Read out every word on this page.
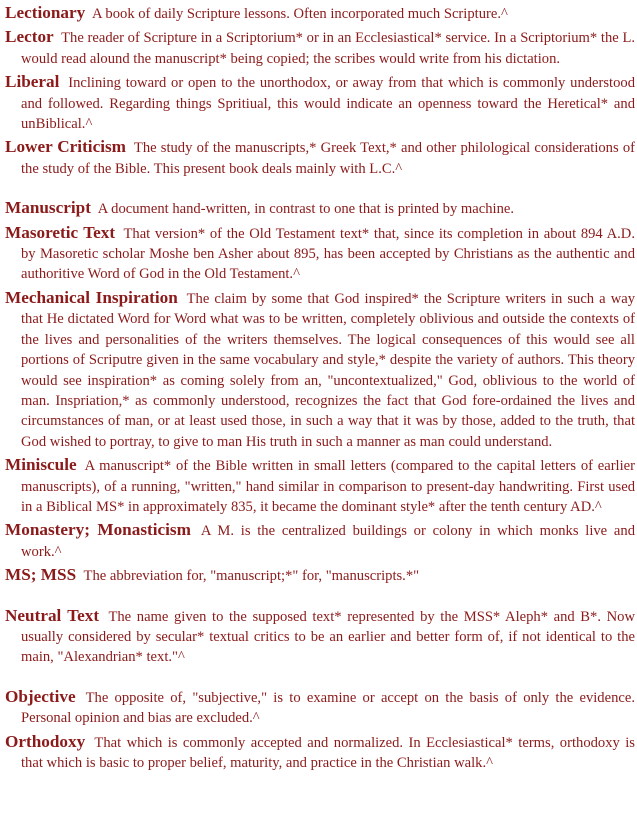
Lectionary A book of daily Scripture lessons. Often incorporated much Scripture.^

Lector The reader of Scripture in a Scriptorium* or in an Ecclesiastical* service. In a Scriptorium* the L. would read alound the manuscript* being copied; the scribes would write from his dictation.

Liberal Inclining toward or open to the unorthodox, or away from that which is commonly understood and followed. Regarding things Spritiual, this would indicate an openness toward the Heretical* and unBiblical.^

Lower Criticism The study of the manuscripts,* Greek Text,* and other philological considerations of the study of the Bible. This present book deals mainly with L.C.^

Manuscript A document hand-written, in contrast to one that is printed by machine.

Masoretic Text That version* of the Old Testament text* that, since its completion in about 894 A.D. by Masoretic scholar Moshe ben Asher about 895, has been accepted by Christians as the authentic and authoritive Word of God in the Old Testament.^

Mechanical Inspiration The claim by some that God inspired* the Scripture writers in such a way that He dictated Word for Word what was to be written, completely oblivious and outside the contexts of the lives and personalities of the writers themselves. The logical consequences of this would see all portions of Scriputre given in the same vocabulary and style,* despite the variety of authors. This theory would see inspiration* as coming solely from an, "uncontextualized," God, oblivious to the world of man. Inspriation,* as commonly understood, recognizes the fact that God fore-ordained the lives and circumstances of man, or at least used those, in such a way that it was by those, added to the truth, that God wished to portray, to give to man His truth in such a manner as man could understand.

Miniscule A manuscript* of the Bible written in small letters (compared to the capital letters of earlier manuscripts), of a running, "written," hand similar in comparison to present-day handwriting. First used in a Biblical MS* in approximately 835, it became the dominant style* after the tenth century AD.^

Monastery; Monasticism A M. is the centralized buildings or colony in which monks live and work.^

MS; MSS The abbreviation for, "manuscript;*" for, "manuscripts.*"

Neutral Text The name given to the supposed text* represented by the MSS* Aleph* and B*. Now usually considered by secular* textual critics to be an earlier and better form of, if not identical to the main, "Alexandrian* text."^

Objective The opposite of, "subjective," is to examine or accept on the basis of only the evidence. Personal opinion and bias are excluded.^

Orthodoxy That which is commonly accepted and normalized. In Ecclesiastical* terms, orthodoxy is that which is basic to proper belief, maturity, and practice in the Christian walk.^
